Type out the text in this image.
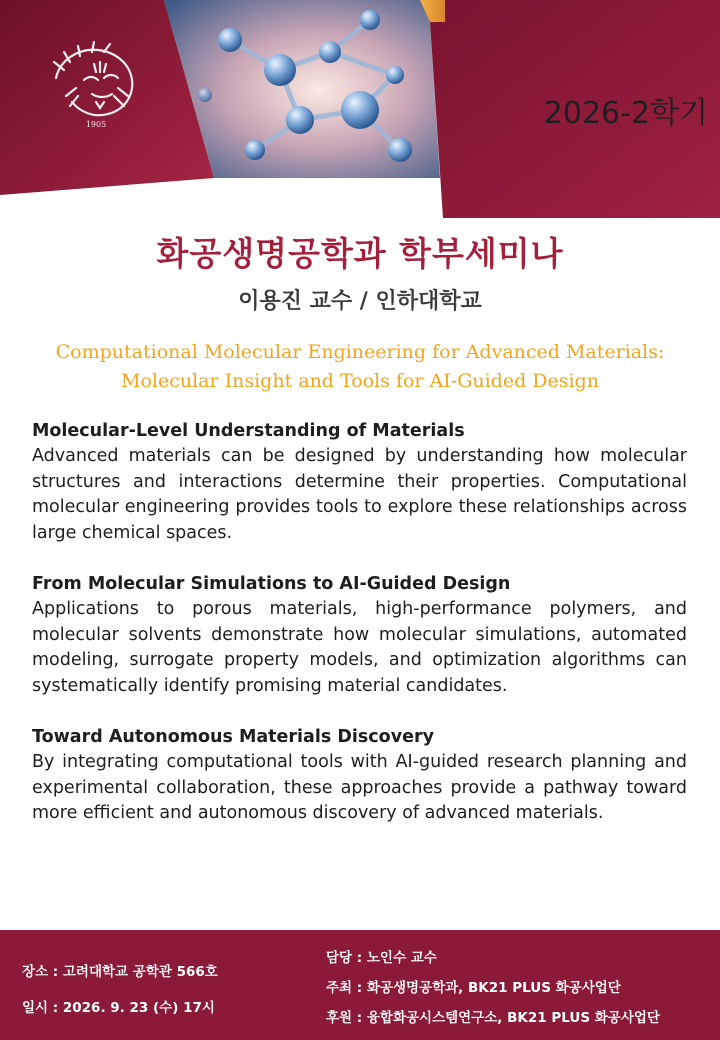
1905	2026-2학기
화공생명공학과 학부세미나
이용진 교수 / 인하대학교
Computational Molecular Engineering for Advanced Materials:
Molecular Insight and Tools for AI-Guided Design
Molecular-Level Understanding of Materials

Advanced materials can be designed by understanding how molecular structures and interactions determine their properties. Computational molecular engineering provides tools to explore these relationships across large chemical spaces.

From Molecular Simulations to AI-Guided Design

Applications to porous materials, high-performance polymers, and molecular solvents demonstrate how molecular simulations, automated modeling, surrogate property models, and optimization algorithms can systematically identify promising material candidates.

Toward Autonomous Materials Discovery

By integrating computational tools with AI-guided research planning and experimental collaboration, these approaches provide a pathway toward more efficient and autonomous discovery of advanced materials.

장소 : 고려대학교 공학관 566호
일시 : 2026. 9. 23 (수) 17시
담당 : 노인수 교수
주최 : 화공생명공학과, BK21 PLUS 화공사업단
후원 : 융합화공시스템연구소, BK21 PLUS 화공사업단
